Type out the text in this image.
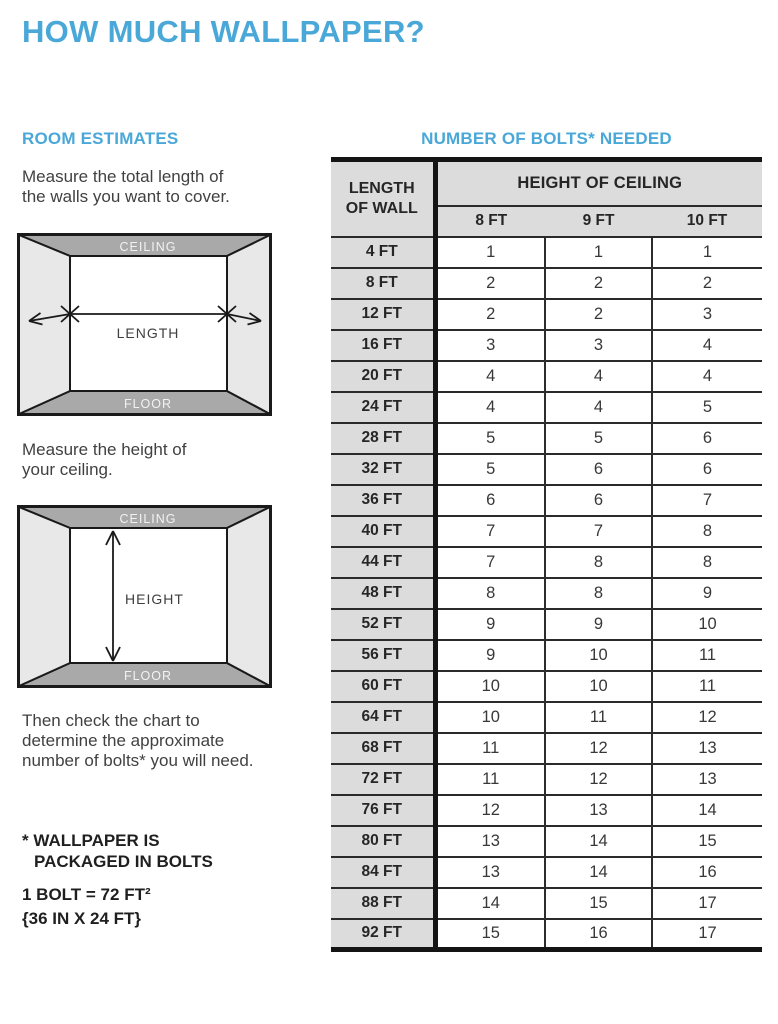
HOW MUCH WALLPAPER?
ROOM ESTIMATES
Measure the total length of
the walls you want to cover.
CEILING
FLOOR
LENGTH
Measure the height of
your ceiling.
CEILING
FLOOR
HEIGHT
Then check the chart to
determine the approximate
number of bolts* you will need.
* WALLPAPER IS
PACKAGED IN BOLTS
1 BOLT = 72 FT²
{36 IN X 24 FT}
NUMBER OF BOLTS* NEEDED
LENGTH
OF WALL	HEIGHT OF CEILING		
	8 FT	9 FT	10 FT
4 FT	1	1	1
8 FT	2	2	2
12 FT	2	2	3
16 FT	3	3	4
20 FT	4	4	4
24 FT	4	4	5
28 FT	5	5	6
32 FT	5	6	6
36 FT	6	6	7
40 FT	7	7	8
44 FT	7	8	8
48 FT	8	8	9
52 FT	9	9	10
56 FT	9	10	11
60 FT	10	10	11
64 FT	10	11	12
68 FT	11	12	13
72 FT	11	12	13
76 FT	12	13	14
80 FT	13	14	15
84 FT	13	14	16
88 FT	14	15	17
92 FT	15	16	17
